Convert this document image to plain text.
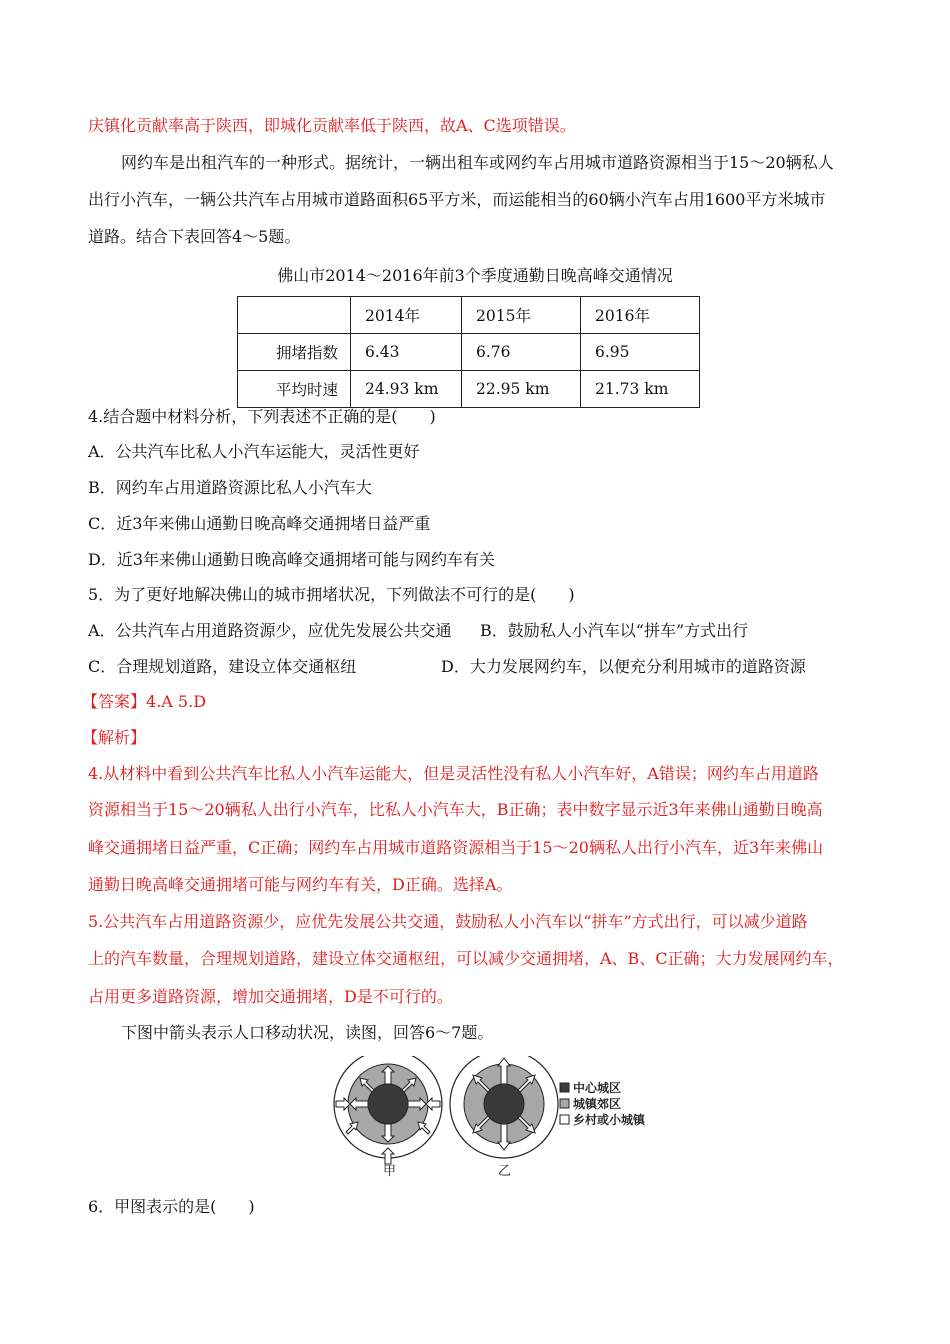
庆镇化贡献率高于陕西，即城化贡献率低于陕西，故A、C选项错误。
网约车是出租汽车的一种形式。据统计，一辆出租车或网约车占用城市道路资源相当于15～20辆私人
出行小汽车，一辆公共汽车占用城市道路面积65平方米，而运能相当的60辆小汽车占用1600平方米城市
道路。结合下表回答4～5题。
佛山市2014～2016年前3个季度通勤日晚高峰交通情况
	2014年	2015年	2016年
拥堵指数	6.43	6.76	6.95
平均时速	24.93 km	22.95 km	21.73 km
4.结合题中材料分析，下列表述不正确的是(　　)
A．公共汽车比私人小汽车运能大，灵活性更好
B．网约车占用道路资源比私人小汽车大
C．近3年来佛山通勤日晚高峰交通拥堵日益严重
D．近3年来佛山通勤日晚高峰交通拥堵可能与网约车有关
5．为了更好地解决佛山的城市拥堵状况，下列做法不可行的是(　　)
A．公共汽车占用道路资源少，应优先发展公共交通 B．鼓励私人小汽车以“拼车”方式出行
C．合理规划道路，建设立体交通枢纽	D．大力发展网约车，以便充分利用城市的道路资源
【答案】4.A 5.D
【解析】
4.从材料中看到公共汽车比私人小汽车运能大，但是灵活性没有私人小汽车好，A错误；网约车占用道路
资源相当于15～20辆私人出行小汽车，比私人小汽车大，B正确；表中数字显示近3年来佛山通勤日晚高
峰交通拥堵日益严重，C正确；网约车占用城市道路资源相当于15～20辆私人出行小汽车，近3年来佛山
通勤日晚高峰交通拥堵可能与网约车有关，D正确。选择A。
5.公共汽车占用道路资源少，应优先发展公共交通，鼓励私人小汽车以“拼车”方式出行，可以减少道路
上的汽车数量，合理规划道路，建设立体交通枢纽，可以减少交通拥堵，A、B、C正确；大力发展网约车，
占用更多道路资源，增加交通拥堵，D是不可行的。
下图中箭头表示人口移动状况，读图，回答6～7题。
甲	乙
中心城区
城镇郊区
乡村或小城镇
6．甲图表示的是(　　)
